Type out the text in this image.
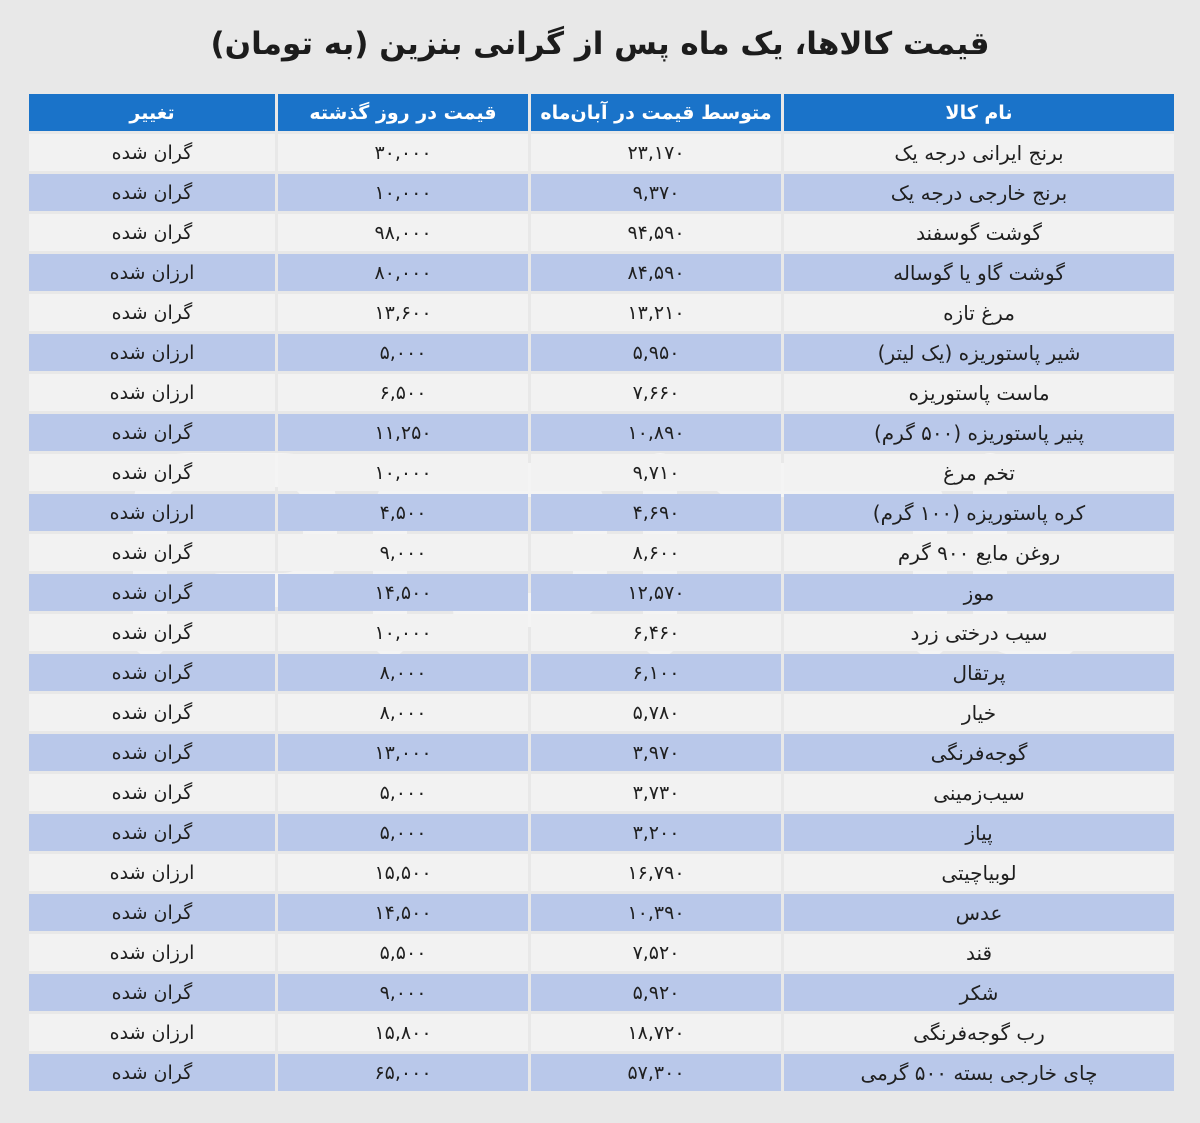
قیمت کالاها، یک ماه پس از گرانی بنزین (به تومان)
نام کالا	متوسط قیمت در آبان‌ماه	قیمت در روز گذشته	تغییر
برنج ایرانی درجه یک	۲۳,۱۷۰	۳۰,۰۰۰	گران شده
برنج خارجی درجه یک	۹,۳۷۰	۱۰,۰۰۰	گران شده
گوشت گوسفند	۹۴,۵۹۰	۹۸,۰۰۰	گران شده
گوشت گاو یا گوساله	۸۴,۵۹۰	۸۰,۰۰۰	ارزان شده
مرغ تازه	۱۳,۲۱۰	۱۳,۶۰۰	گران شده
شیر پاستوریزه (یک لیتر)	۵,۹۵۰	۵,۰۰۰	ارزان شده
ماست پاستوریزه	۷,۶۶۰	۶,۵۰۰	ارزان شده
پنیر پاستوریزه (۵۰۰ گرم)	۱۰,۸۹۰	۱۱,۲۵۰	گران شده
تخم مرغ	۹,۷۱۰	۱۰,۰۰۰	گران شده
کره پاستوریزه (۱۰۰ گرم)	۴,۶۹۰	۴,۵۰۰	ارزان شده
روغن مایع ۹۰۰ گرم	۸,۶۰۰	۹,۰۰۰	گران شده
موز	۱۲,۵۷۰	۱۴,۵۰۰	گران شده
سیب درختی زرد	۶,۴۶۰	۱۰,۰۰۰	گران شده
پرتقال	۶,۱۰۰	۸,۰۰۰	گران شده
خیار	۵,۷۸۰	۸,۰۰۰	گران شده
گوجه‌فرنگی	۳,۹۷۰	۱۳,۰۰۰	گران شده
سیب‌زمینی	۳,۷۳۰	۵,۰۰۰	گران شده
پیاز	۳,۲۰۰	۵,۰۰۰	گران شده
لوبیاچیتی	۱۶,۷۹۰	۱۵,۵۰۰	ارزان شده
عدس	۱۰,۳۹۰	۱۴,۵۰۰	گران شده
قند	۷,۵۲۰	۵,۵۰۰	ارزان شده
شکر	۵,۹۲۰	۹,۰۰۰	گران شده
رب گوجه‌فرنگی	۱۸,۷۲۰	۱۵,۸۰۰	ارزان شده
چای خارجی بسته ۵۰۰ گرمی	۵۷,۳۰۰	۶۵,۰۰۰	گران شده
